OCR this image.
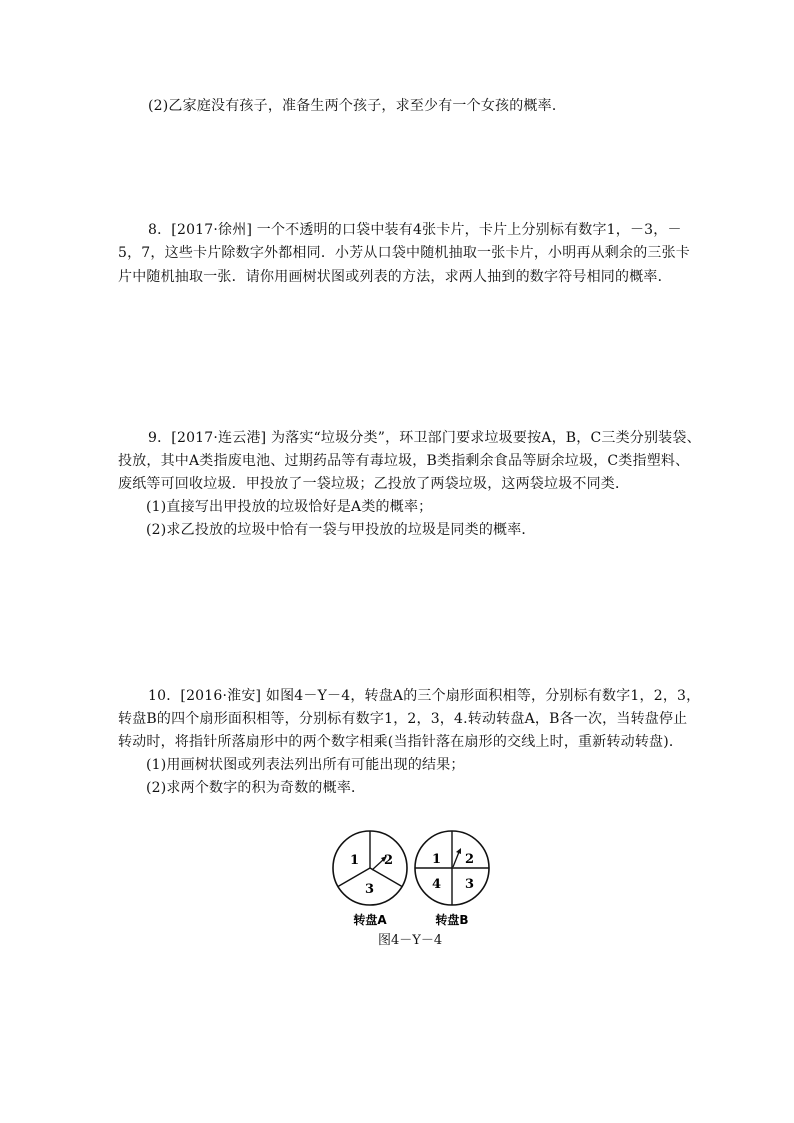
(2)乙家庭没有孩子，准备生两个孩子，求至少有一个女孩的概率．
8．[2017·徐州] 一个不透明的口袋中装有4张卡片，卡片上分别标有数字1，－3，－
5，7，这些卡片除数字外都相同．小芳从口袋中随机抽取一张卡片，小明再从剩余的三张卡
片中随机抽取一张．请你用画树状图或列表的方法，求两人抽到的数字符号相同的概率．
9．[2017·连云港] 为落实“垃圾分类”，环卫部门要求垃圾要按A，B，C三类分别装袋、
投放，其中A类指废电池、过期药品等有毒垃圾，B类指剩余食品等厨余垃圾，C类指塑料、
废纸等可回收垃圾．甲投放了一袋垃圾；乙投放了两袋垃圾，这两袋垃圾不同类．
(1)直接写出甲投放的垃圾恰好是A类的概率；
(2)求乙投放的垃圾中恰有一袋与甲投放的垃圾是同类的概率．
10．[2016·淮安] 如图4－Y－4，转盘A的三个扇形面积相等，分别标有数字1，2，3，
转盘B的四个扇形面积相等，分别标有数字1，2，3，4.转动转盘A，B各一次，当转盘停止
转动时，将指针所落扇形中的两个数字相乘(当指针落在扇形的交线上时，重新转动转盘)．
(1)用画树状图或列表法列出所有可能出现的结果；
(2)求两个数字的积为奇数的概率．
1 2
3
1 2
4 3
转盘A	转盘B
图4－Y－4
